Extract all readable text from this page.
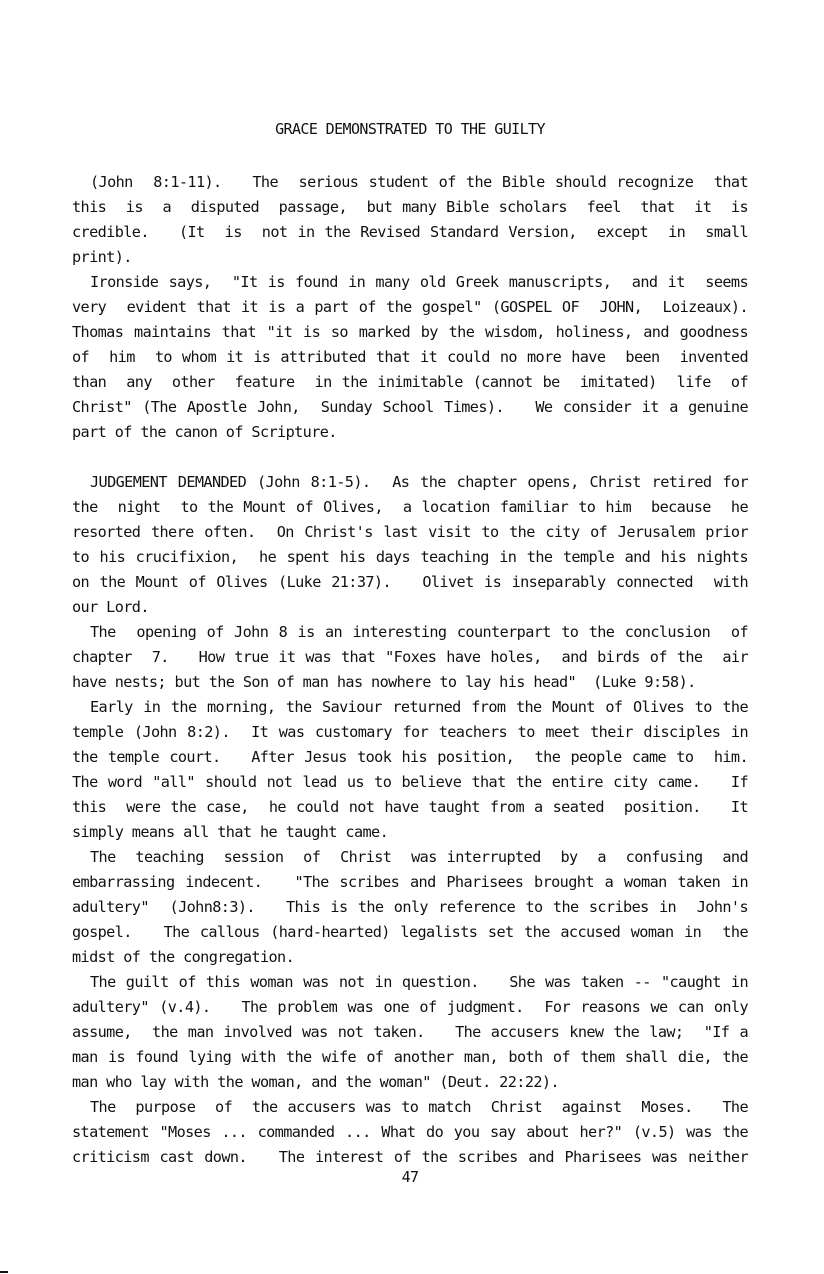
GRACE DEMONSTRATED TO THE GUILTY
(John  8:1-11).   The  serious student of the Bible should recognize  that
this  is  a  disputed  passage,  but many Bible scholars  feel  that  it  is
credible.   (It  is  not in the Revised Standard Version,  except  in  small
print).
Ironside says,  "It is found in many old Greek manuscripts,  and it  seems
very  evident that it is a part of the gospel" (GOSPEL OF  JOHN,  Loizeaux).
Thomas maintains that "it is so marked by the wisdom, holiness, and goodness
of  him  to whom it is attributed that it could no more have  been  invented
than  any  other  feature  in the inimitable (cannot be  imitated)  life  of
Christ" (The Apostle John,  Sunday School Times).   We consider it a genuine
part of the canon of Scripture.
JUDGEMENT DEMANDED (John 8:1-5).  As the chapter opens, Christ retired for
the  night  to the Mount of Olives,  a location familiar to him  because  he
resorted there often.  On Christ's last visit to the city of Jerusalem prior
to his crucifixion,  he spent his days teaching in the temple and his nights
on the Mount of Olives (Luke 21:37).   Olivet is inseparably connected  with
our Lord.
The  opening of John 8 is an interesting counterpart to the conclusion  of
chapter  7.   How true it was that "Foxes have holes,  and birds of the  air
have nests; but the Son of man has nowhere to lay his head"  (Luke 9:58).
Early in the morning, the Saviour returned from the Mount of Olives to the
temple (John 8:2).  It was customary for teachers to meet their disciples in
the temple court.   After Jesus took his position,  the people came to  him.
The word "all" should not lead us to believe that the entire city came.   If
this  were the case,  he could not have taught from a seated  position.   It
simply means all that he taught came.
The  teaching  session  of  Christ  was interrupted  by  a  confusing  and
embarrassing indecent.   "The scribes and Pharisees brought a woman taken in
adultery"  (John8:3).   This is the only reference to the scribes in  John's
gospel.   The callous (hard-hearted) legalists set the accused woman in  the
midst of the congregation.
The guilt of this woman was not in question.   She was taken -- "caught in
adultery" (v.4).   The problem was one of judgment.  For reasons we can only
assume,  the man involved was not taken.   The accusers knew the law;  "If a
man is found lying with the wife of another man, both of them shall die, the
man who lay with the woman, and the woman" (Deut. 22:22).
The  purpose  of  the accusers was to match  Christ  against  Moses.   The
statement "Moses ... commanded ... What do you say about her?" (v.5) was the
criticism cast down.   The interest of the scribes and Pharisees was neither
47
